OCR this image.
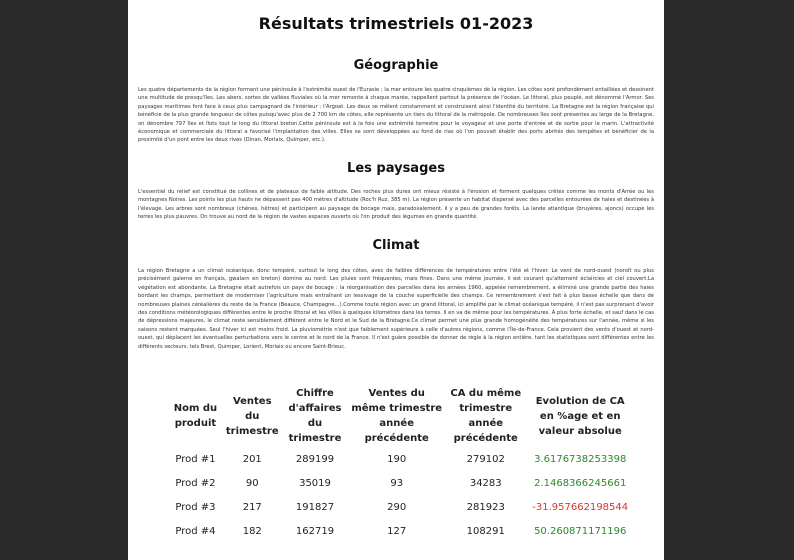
Résultats trimestriels 01-2023
Géographie

Les quatre départements de la région forment une péninsule à l'extrémité ouest de l'Eurasie ; la mer entoure les quatre cinquièmes de la région. Les côtes sont profondément entaillées et dessinent une multitude de presqu'îles. Les abers, sortes de vallées fluviales où la mer remonte à chaque marée, rappellent partout la présence de l'océan. Le littoral, plus peuplé, est dénommé l'Armor. Ses paysages maritimes font face à ceux plus campagnard de l'intérieur : l'Argoat. Les deux se mêlent constamment et construisent ainsi l'identité du territoire. La Bretagne est la région française qui bénéficie de la plus grande longueur de côtes puisqu'avec plus de 2 700 km de côtes, elle représente un tiers du littoral de la métropole. De nombreuses îles sont présentes au large de la Bretagne, on dénombre 797 îles et îlots tout le long du littoral breton.Cette péninsule est à la fois une extrémité terrestre pour le voyageur et une porte d'entrée et de sortie pour le marin. L'attractivité économique et commerciale du littoral a favorisé l'implantation des villes. Elles se sont développées au fond de rias où l'on pouvait établir des ports abrités des tempêtes et bénéficier de la proximité d'un pont entre les deux rives (Dinan, Morlaix, Quimper, etc.).

Les paysages

L'essentiel du relief est constitué de collines et de plateaux de faible altitude. Des roches plus dures ont mieux résisté à l'érosion et forment quelques crêtes comme les monts d'Arrée ou les montagnes Noires. Les points les plus hauts ne dépassent pas 400 mètres d'altitude (Roc'h Ruz, 385 m). La région présente un habitat dispersé avec des parcelles entourées de haies et destinées à l'élevage. Les arbres sont nombreux (chênes, hêtres) et participent au paysage de bocage mais, paradoxalement, il y a peu de grandes forêts. La lande atlantique (bruyères, ajoncs) occupe les terres les plus pauvres. On trouve au nord de la région de vastes espaces ouverts où l'on produit des légumes en grande quantité.

Climat

La région Bretagne a un climat océanique, donc tempéré, surtout le long des côtes, avec de faibles différences de températures entre l'été et l'hiver. Le vent de nord-ouest (noroît ou plus précisément galerne en français, gwalarn en breton) domine au nord. Les pluies sont fréquentes, mais fines. Dans une même journée, il est courant qu'alternent éclaircies et ciel couvert.La végétation est abondante. La Bretagne était autrefois un pays de bocage : la réorganisation des parcelles dans les années 1960, appelée remembrement, a éliminé une grande partie des haies bordant les champs, permettant de moderniser l'agriculture mais entraînant un lessivage de la couche superficielle des champs. Ce remembrement s'est fait à plus basse échelle que dans de nombreuses plaines céréalières du reste de la France (Beauce, Champagne...).Comme toute région avec un grand littoral, ici amplifié par le climat océanique tempéré, il n'est pas surprenant d'avoir des conditions météorologiques différentes entre le proche littoral et les villes à quelques kilomètres dans les terres. Il en va de même pour les températures. À plus forte échelle, et sauf dans le cas de dépressions majeures, le climat reste sensiblement différent entre le Nord et le Sud de la Bretagne.Ce climat permet une plus grande homogénéité des températures sur l'année, même si les saisons restent marquées. Seul l'hiver ici est moins froid. La pluviométrie n'est que faiblement supérieure à celle d'autres régions, comme l'Île-de-France. Cela provient des vents d'ouest et nord-ouest, qui déplacent les éventuelles perturbations vers le centre et le nord de la France. Il n'est guère possible de donner de règle à la région entière, tant les statistiques sont différentes entre les différents secteurs, tels Brest, Quimper, Lorient, Morlaix ou encore Saint-Brieuc.

Nom du produit	Ventes du trimestre	Chiffre d'affaires du trimestre	Ventes du même trimestre année précédente	CA du même trimestre année précédente	Evolution de CA en %age et en valeur absolue
Prod #1	201	289199	190	279102	3.6176738253398
Prod #2	90	35019	93	34283	2.1468366245661
Prod #3	217	191827	290	281923	-31.957662198544
Prod #4	182	162719	127	108291	50.260871171196
